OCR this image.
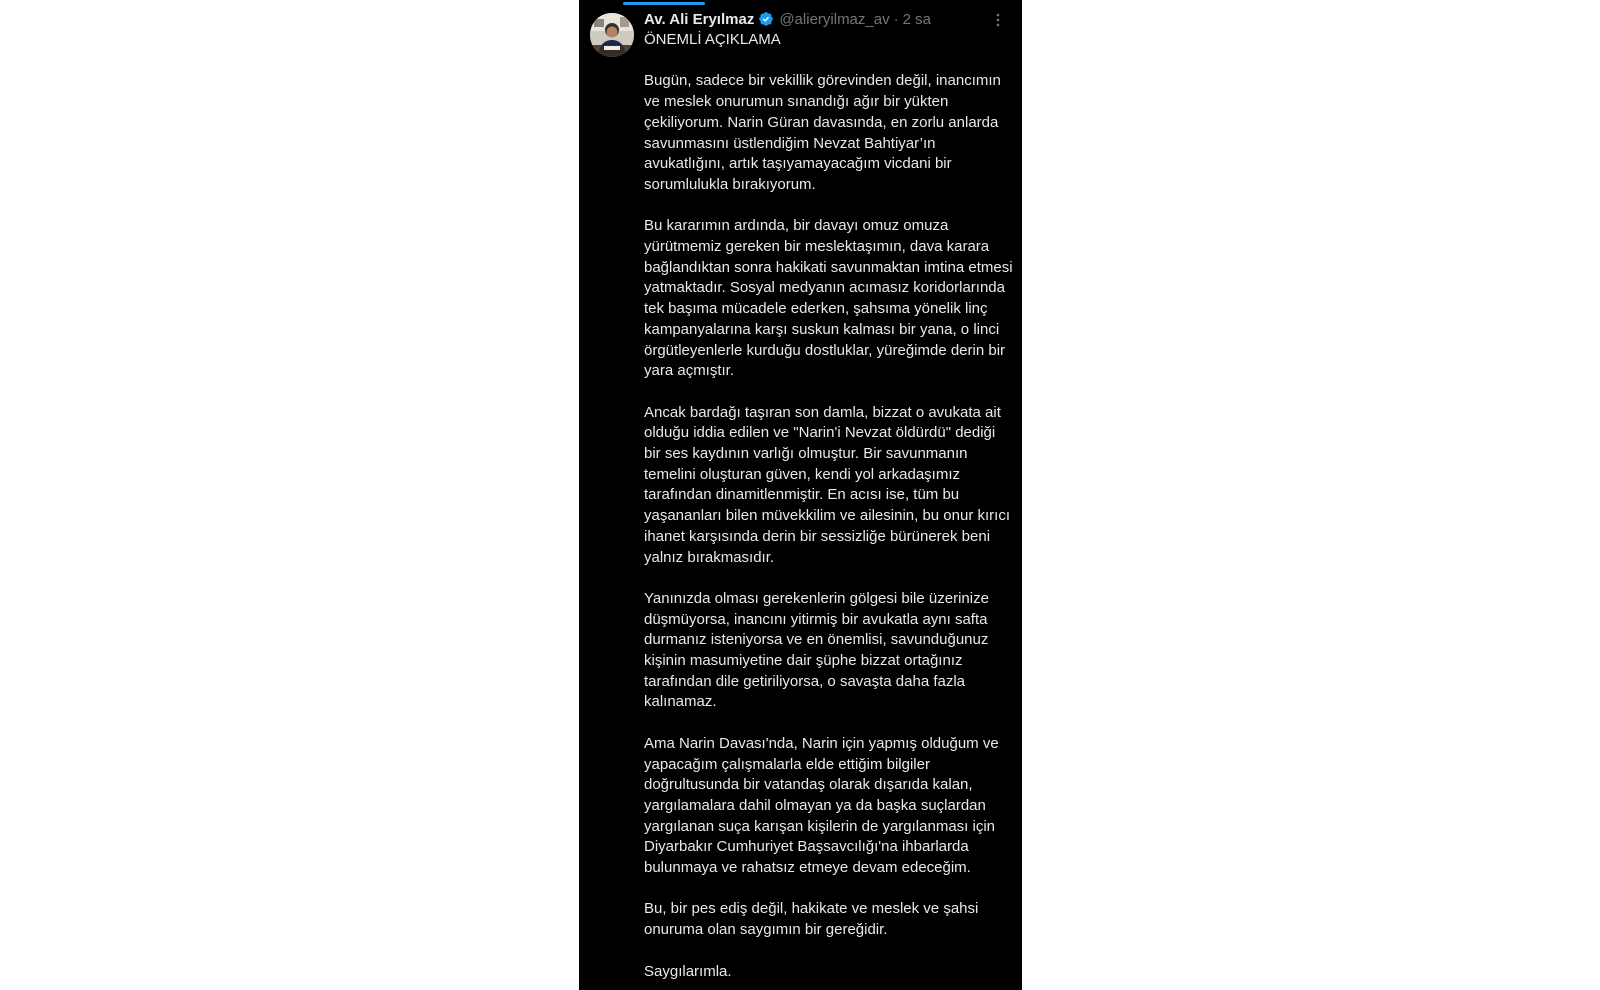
Av. Ali Eryılmaz @alieryilmaz_av · 2 sa

ÖNEMLİ AÇIKLAMA

Bugün, sadece bir vekillik görevinden değil, inancımın ve meslek onurumun sınandığı ağır bir yükten çekiliyorum. Narin Güran davasında, en zorlu anlarda savunmasını üstlendiğim Nevzat Bahtiyar’ın avukatlığını, artık taşıyamayacağım vicdani bir sorumlulukla bırakıyorum.

Bu kararımın ardında, bir davayı omuz omuza yürütmemiz gereken bir meslektaşımın, dava karara bağlandıktan sonra hakikati savunmaktan imtina etmesi yatmaktadır. Sosyal medyanın acımasız koridorlarında tek başıma mücadele ederken, şahsıma yönelik linç kampanyalarına karşı suskun kalması bir yana, o linci örgütleyenlerle kurduğu dostluklar, yüreğimde derin bir yara açmıştır.

Ancak bardağı taşıran son damla, bizzat o avukata ait olduğu iddia edilen ve "Narin'i Nevzat öldürdü" dediği bir ses kaydının varlığı olmuştur. Bir savunmanın temelini oluşturan güven, kendi yol arkadaşımız tarafından dinamitlenmiştir. En acısı ise, tüm bu yaşananları bilen müvekkilim ve ailesinin, bu onur kırıcı ihanet karşısında derin bir sessizliğe bürünerek beni yalnız bırakmasıdır.

Yanınızda olması gerekenlerin gölgesi bile üzerinize düşmüyorsa, inancını yitirmiş bir avukatla aynı safta durmanız isteniyorsa ve en önemlisi, savunduğunuz kişinin masumiyetine dair şüphe bizzat ortağınız tarafından dile getiriliyorsa, o savaşta daha fazla kalınamaz.

Ama Narin Davası'nda, Narin için yapmış olduğum ve yapacağım çalışmalarla elde ettiğim bilgiler doğrultusunda bir vatandaş olarak dışarıda kalan, yargılamalara dahil olmayan ya da başka suçlardan yargılanan suça karışan kişilerin de yargılanması için Diyarbakır Cumhuriyet Başsavcılığı'na ihbarlarda bulunmaya ve rahatsız etmeye devam edeceğim.

Bu, bir pes ediş değil, hakikate ve meslek ve şahsi onuruma olan saygımın bir gereğidir.

Saygılarımla.
